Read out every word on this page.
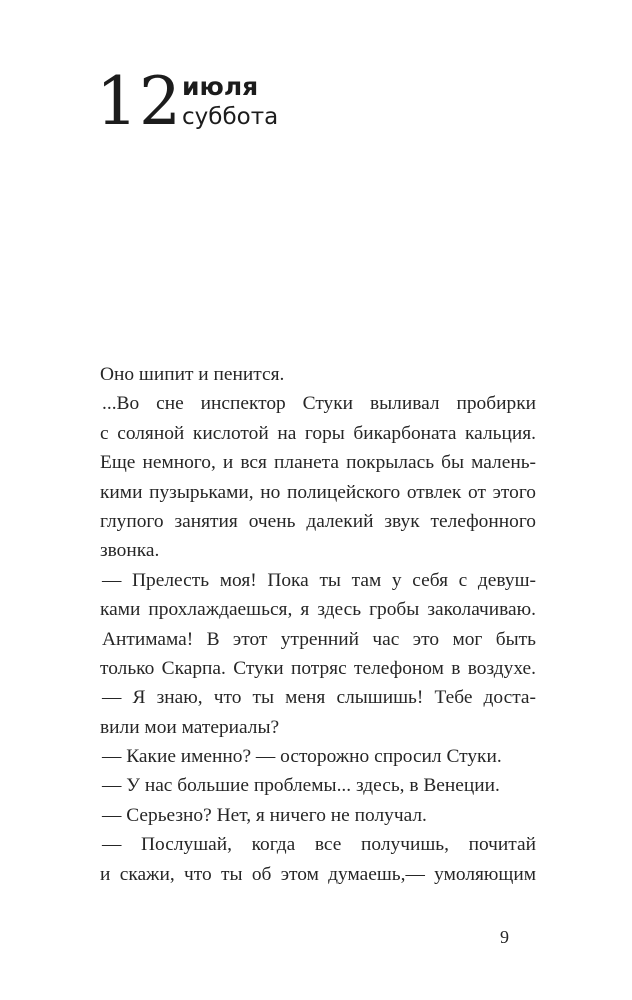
12 июля
суббота
Оно шипит и пенится.
...Во сне инспектор Стуки выливал пробирки
с соляной кислотой на горы бикарбоната кальция.
Еще немного, и вся планета покрылась бы малень-
кими пузырьками, но полицейского отвлек от этого
глупого занятия очень далекий звук телефонного
звонка.
— Прелесть моя! Пока ты там у себя с девуш-
ками прохлаждаешься, я здесь гробы заколачиваю.
Антимама! В этот утренний час это мог быть
только Скарпа. Стуки потряс телефоном в воздухе.
— Я знаю, что ты меня слышишь! Тебе доста-
вили мои материалы?
— Какие именно? — осторожно спросил Стуки.
— У нас большие проблемы... здесь, в Венеции.
— Серьезно? Нет, я ничего не получал.
— Послушай, когда все получишь, почитай
и скажи, что ты об этом думаешь,— умоляющим
9
